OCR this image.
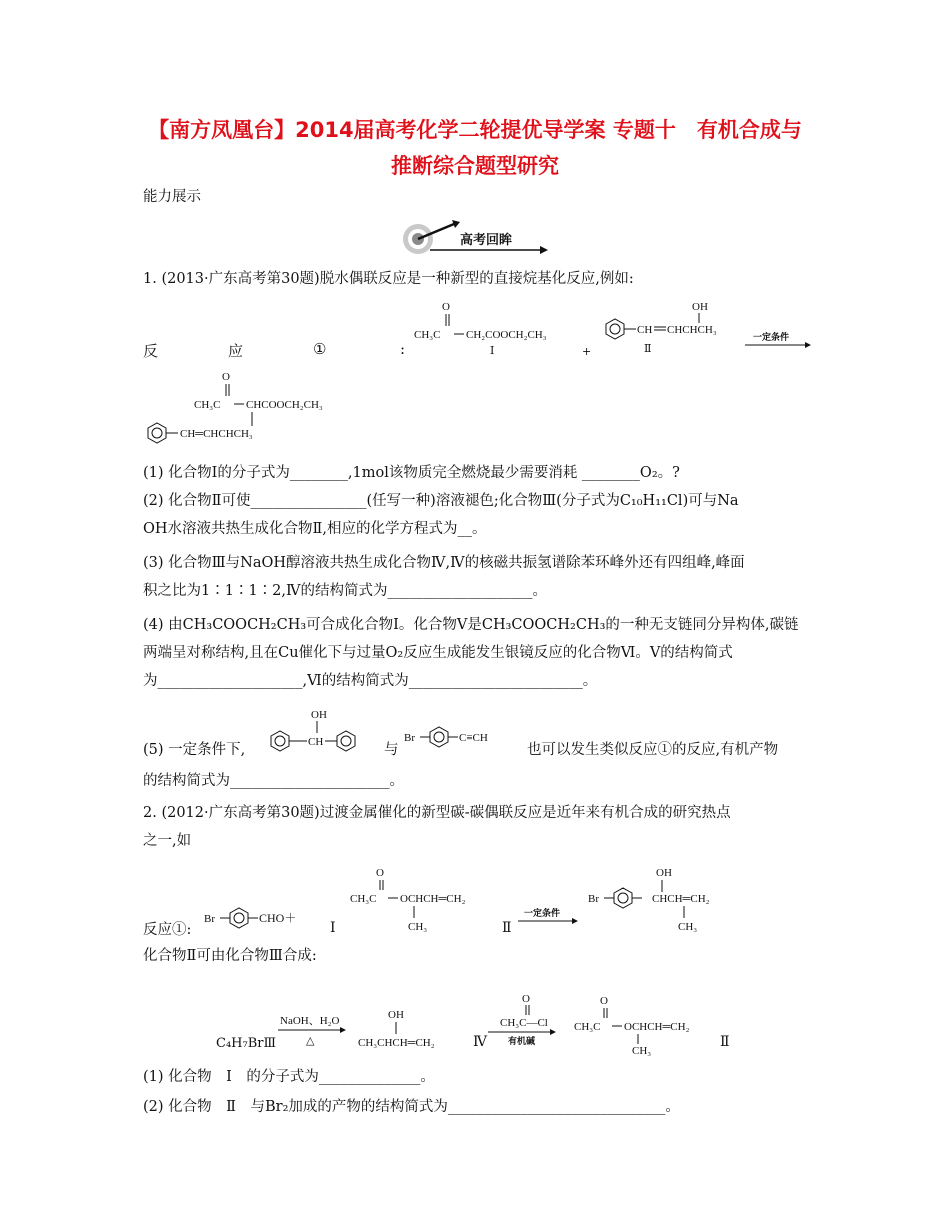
【南方凤凰台】2014届高考化学二轮提优导学案 专题十　有机合成与
推断综合题型研究
能力展示
高考回眸
1. (2013·广东高考第30题)脱水偶联反应是一种新型的直接烷基化反应,例如:
反	应	①	:
O
CH₃C CH₂COOCH₂CH₃
Ⅰ	+
CH CHCHCH₃
OH
Ⅱ
一定条件
O
CH₃C CHCOOCH₂CH₃
CH═CHCHCH₃
(1) 化合物Ⅰ的分子式为________,1mol该物质完全燃烧最少需要消耗 ________O₂。?
(2) 化合物Ⅱ可使________________(任写一种)溶液褪色;化合物Ⅲ(分子式为C₁₀H₁₁Cl)可与Na
OH水溶液共热生成化合物Ⅱ,相应的化学方程式为__。
(3) 化合物Ⅲ与NaOH醇溶液共热生成化合物Ⅳ,Ⅳ的核磁共振氢谱除苯环峰外还有四组峰,峰面
积之比为1∶1∶1∶2,Ⅳ的结构简式为____________________。
(4) 由CH₃COOCH₂CH₃可合成化合物Ⅰ。化合物Ⅴ是CH₃COOCH₂CH₃的一种无支链同分异构体,碳链
两端呈对称结构,且在Cu催化下与过量O₂反应生成能发生银镜反应的化合物Ⅵ。Ⅴ的结构简式
为____________________,Ⅵ的结构简式为________________________。
(5) 一定条件下,
OH
CH	与
Br	C≡CH
也可以发生类似反应①的反应,有机产物
的结构简式为______________________。
2. (2012·广东高考第30题)过渡金属催化的新型碳-碳偶联反应是近年来有机合成的研究热点
之一,如
反应①:
Br	CHO＋
Ⅰ
O
CH₃C OCHCH═CH₂
CH₃	Ⅱ
一定条件
OH
Br	CHCH═CH₂
CH₃
化合物Ⅱ可由化合物Ⅲ合成:
C₄H₇BrⅢ
NaOH、H₂O
△
OH
CH₃CHCH═CH₂	Ⅳ
O
CH₃C—Cl
有机碱
O
CH₃C OCHCH═CH₂
CH₃
Ⅱ
(1) 化合物　Ⅰ　的分子式为______________。
(2) 化合物　Ⅱ　与Br₂加成的产物的结构简式为______________________________。
